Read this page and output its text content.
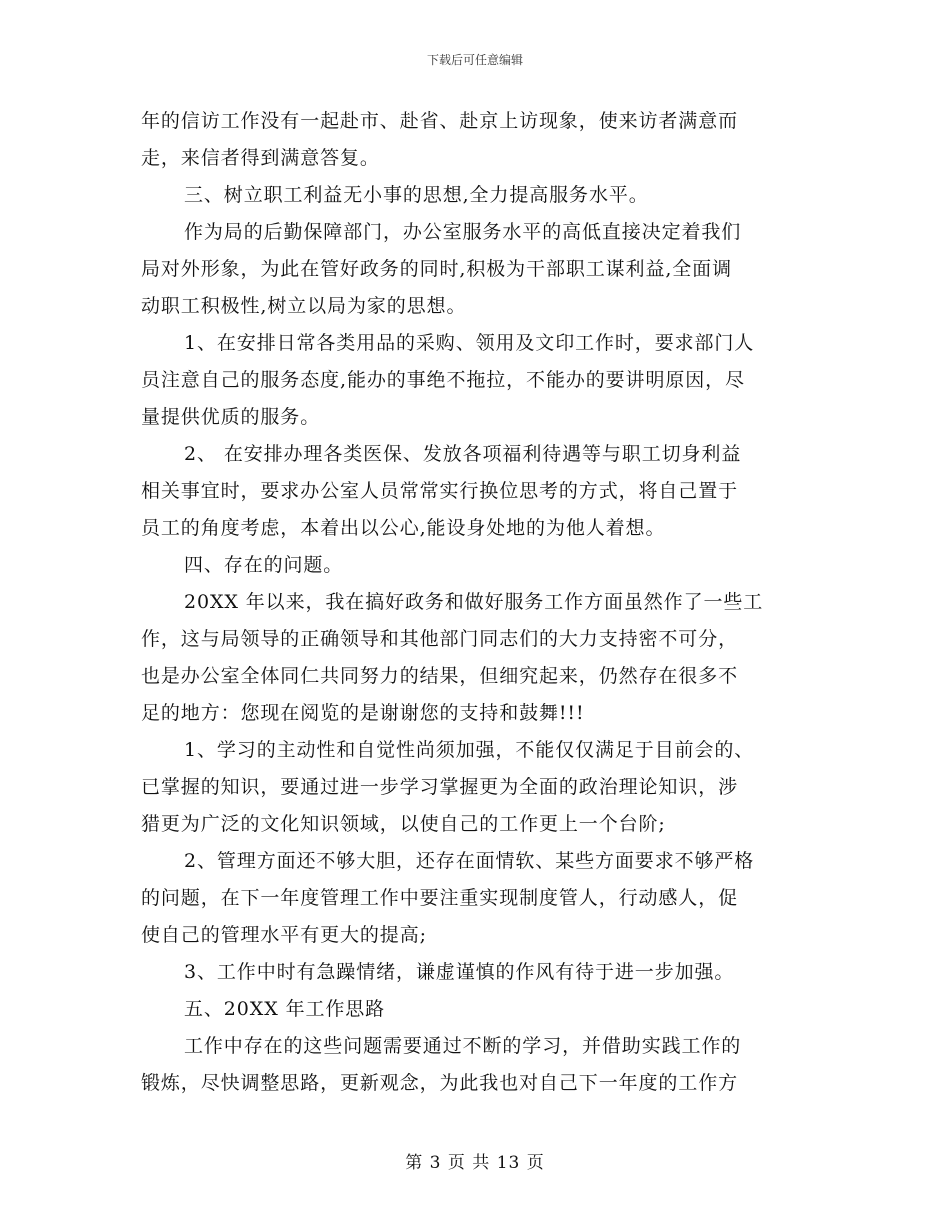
下载后可任意编辑
年的信访工作没有一起赴市、赴省、赴京上访现象，使来访者满意而
走，来信者得到满意答复。
三、树立职工利益无小事的思想,全力提高服务水平。
作为局的后勤保障部门，办公室服务水平的高低直接决定着我们
局对外形象，为此在管好政务的同时,积极为干部职工谋利益,全面调
动职工积极性,树立以局为家的思想。
1、在安排日常各类用品的采购、领用及文印工作时，要求部门人
员注意自己的服务态度,能办的事绝不拖拉，不能办的要讲明原因，尽
量提供优质的服务。
2、 在安排办理各类医保、发放各项福利待遇等与职工切身利益
相关事宜时，要求办公室人员常常实行换位思考的方式，将自己置于
员工的角度考虑，本着出以公心,能设身处地的为他人着想。
四、存在的问题。
20XX 年以来，我在搞好政务和做好服务工作方面虽然作了一些工
作，这与局领导的正确领导和其他部门同志们的大力支持密不可分，
也是办公室全体同仁共同努力的结果，但细究起来，仍然存在很多不
足的地方：您现在阅览的是谢谢您的支持和鼓舞!!!
1、学习的主动性和自觉性尚须加强，不能仅仅满足于目前会的、
已掌握的知识，要通过进一步学习掌握更为全面的政治理论知识，涉
猎更为广泛的文化知识领域，以使自己的工作更上一个台阶;
2、管理方面还不够大胆，还存在面情软、某些方面要求不够严格
的问题，在下一年度管理工作中要注重实现制度管人，行动感人，促
使自己的管理水平有更大的提高;
3、工作中时有急躁情绪，谦虚谨慎的作风有待于进一步加强。
五、20XX 年工作思路
工作中存在的这些问题需要通过不断的学习，并借助实践工作的
锻炼，尽快调整思路，更新观念，为此我也对自己下一年度的工作方
第 3 页 共 13 页
